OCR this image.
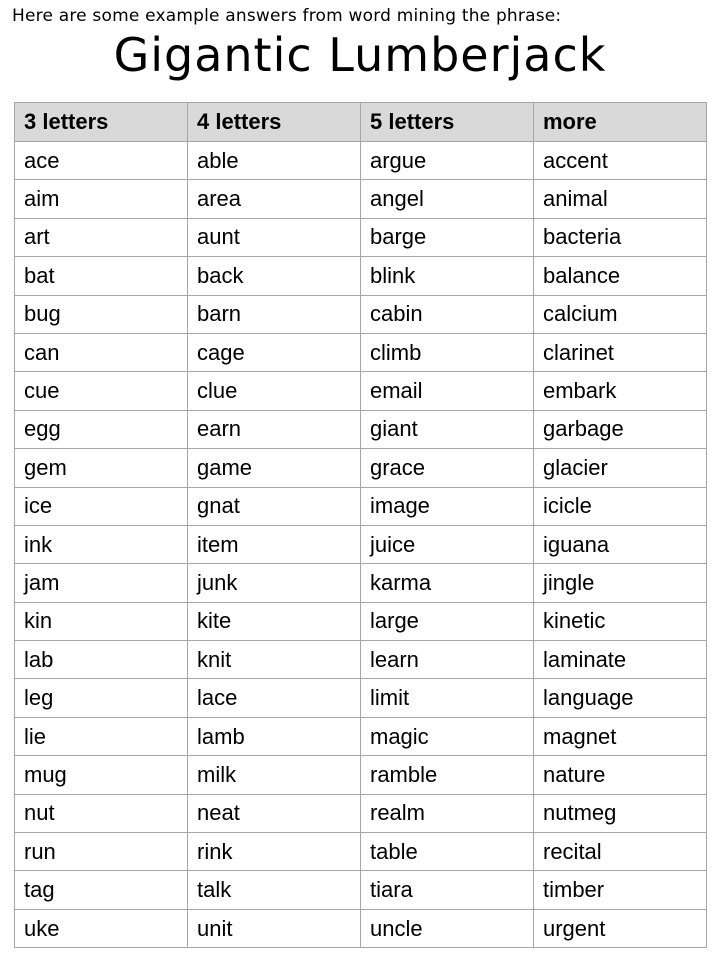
Here are some example answers from word mining the phrase:
Gigantic Lumberjack
3 letters	4 letters	5 letters	more
ace	able	argue	accent
aim	area	angel	animal
art	aunt	barge	bacteria
bat	back	blink	balance
bug	barn	cabin	calcium
can	cage	climb	clarinet
cue	clue	email	embark
egg	earn	giant	garbage
gem	game	grace	glacier
ice	gnat	image	icicle
ink	item	juice	iguana
jam	junk	karma	jingle
kin	kite	large	kinetic
lab	knit	learn	laminate
leg	lace	limit	language
lie	lamb	magic	magnet
mug	milk	ramble	nature
nut	neat	realm	nutmeg
run	rink	table	recital
tag	talk	tiara	timber
uke	unit	uncle	urgent
